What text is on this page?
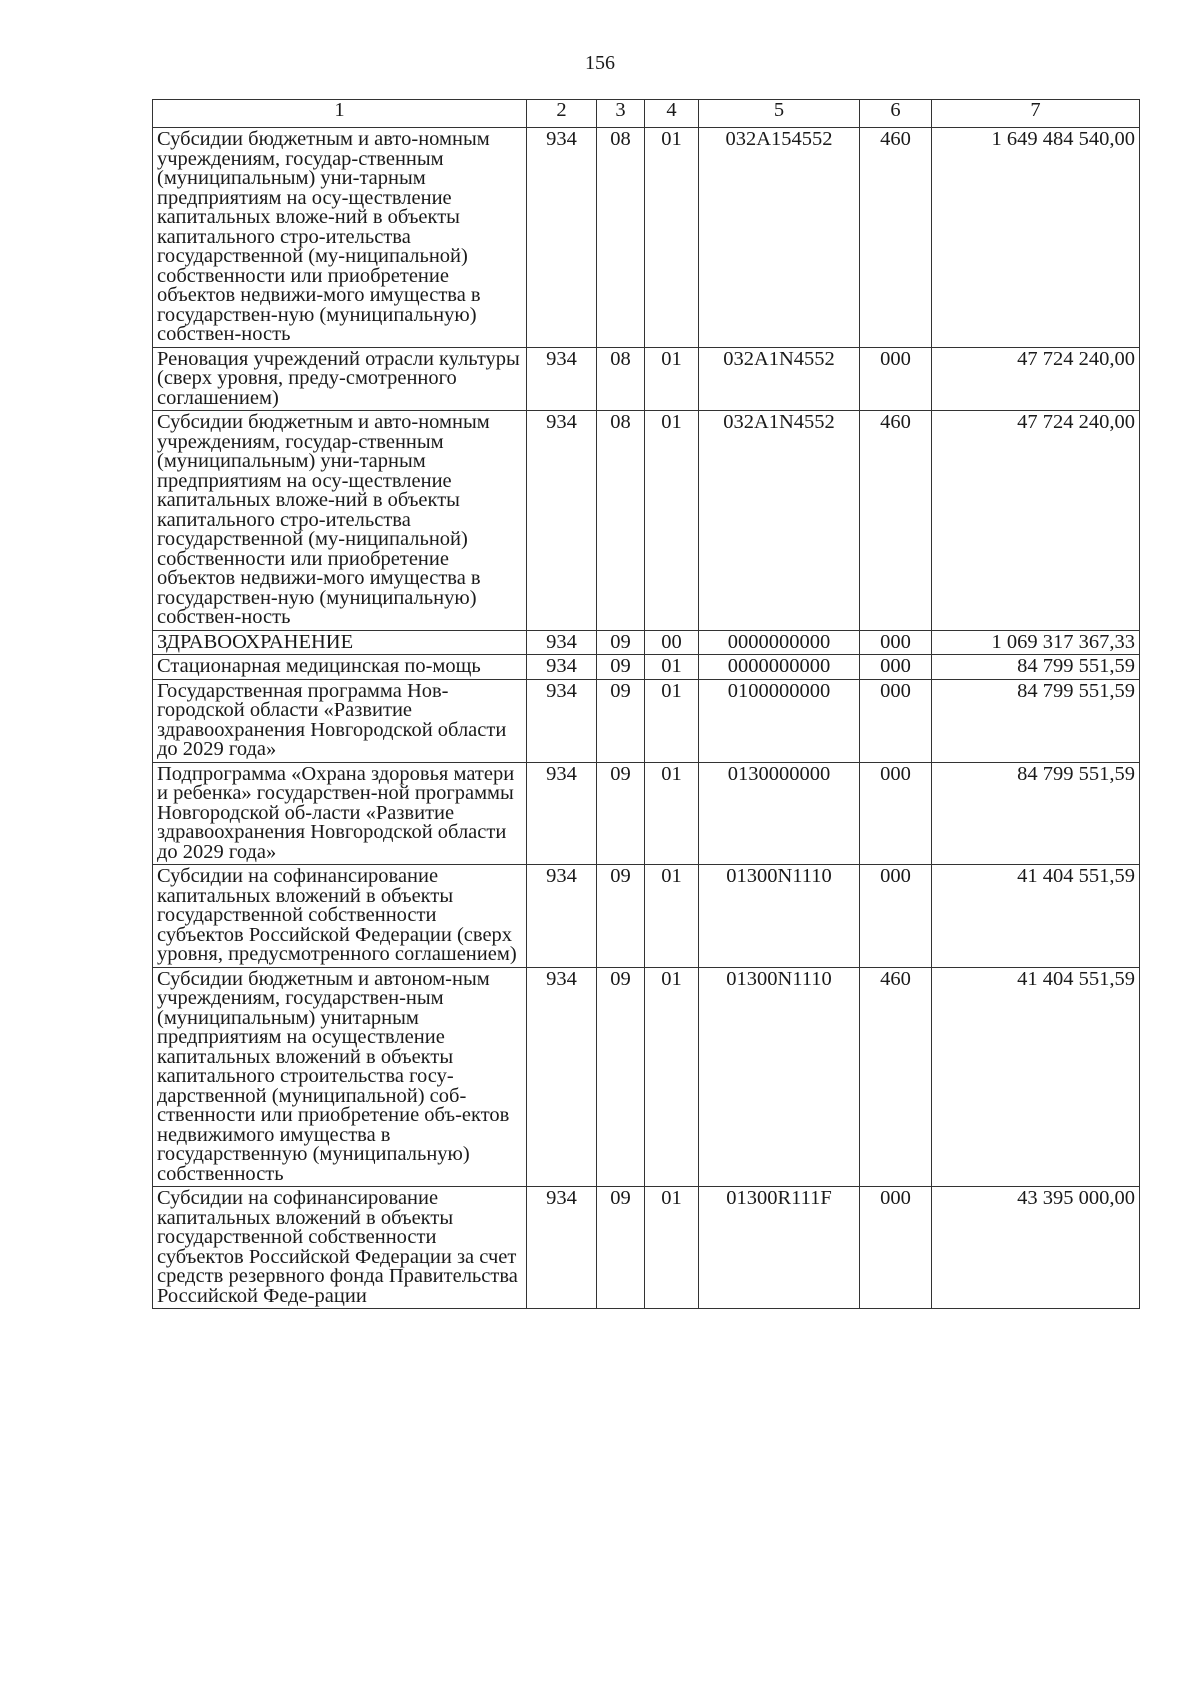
156
1	2	3	4	5	6	7
Субсидии бюджетным и авто-номным учреждениям, государ-ственным (муниципальным) уни-тарным предприятиям на осу-ществление капитальных вложе-ний в объекты капитального стро-ительства государственной (му-ниципальной) собственности или приобретение объектов недвижи-мого имущества в государствен-ную (муниципальную) собствен-ность	934	08	01	032A154552	460	1 649 484 540,00
Реновация учреждений отрасли культуры (сверх уровня, преду-смотренного соглашением)	934	08	01	032A1N4552	000	47 724 240,00
Субсидии бюджетным и авто-номным учреждениям, государ-ственным (муниципальным) уни-тарным предприятиям на осу-ществление капитальных вложе-ний в объекты капитального стро-ительства государственной (му-ниципальной) собственности или приобретение объектов недвижи-мого имущества в государствен-ную (муниципальную) собствен-ность	934	08	01	032A1N4552	460	47 724 240,00
ЗДРАВООХРАНЕНИЕ	934	09	00	0000000000	000	1 069 317 367,33
Стационарная медицинская по-мощь	934	09	01	0000000000	000	84 799 551,59
Государственная программа Нов-городской области «Развитие здравоохранения Новгородской области до 2029 года»	934	09	01	0100000000	000	84 799 551,59
Подпрограмма «Охрана здоровья матери и ребенка» государствен-ной программы Новгородской об-ласти «Развитие здравоохранения Новгородской области до 2029 года»	934	09	01	0130000000	000	84 799 551,59
Субсидии на софинансирование капитальных вложений в объекты государственной собственности субъектов Российской Федерации (сверх уровня, предусмотренного соглашением)	934	09	01	01300N1110	000	41 404 551,59
Субсидии бюджетным и автоном-ным учреждениям, государствен-ным (муниципальным) унитарным предприятиям на осуществление капитальных вложений в объекты капитального строительства госу-дарственной (муниципальной) соб-ственности или приобретение объ-ектов недвижимого имущества в государственную (муниципальную) собственность	934	09	01	01300N1110	460	41 404 551,59
Субсидии на софинансирование капитальных вложений в объекты государственной собственности субъектов Российской Федерации за счет средств резервного фонда Правительства Российской Феде-рации	934	09	01	01300R111F	000	43 395 000,00
